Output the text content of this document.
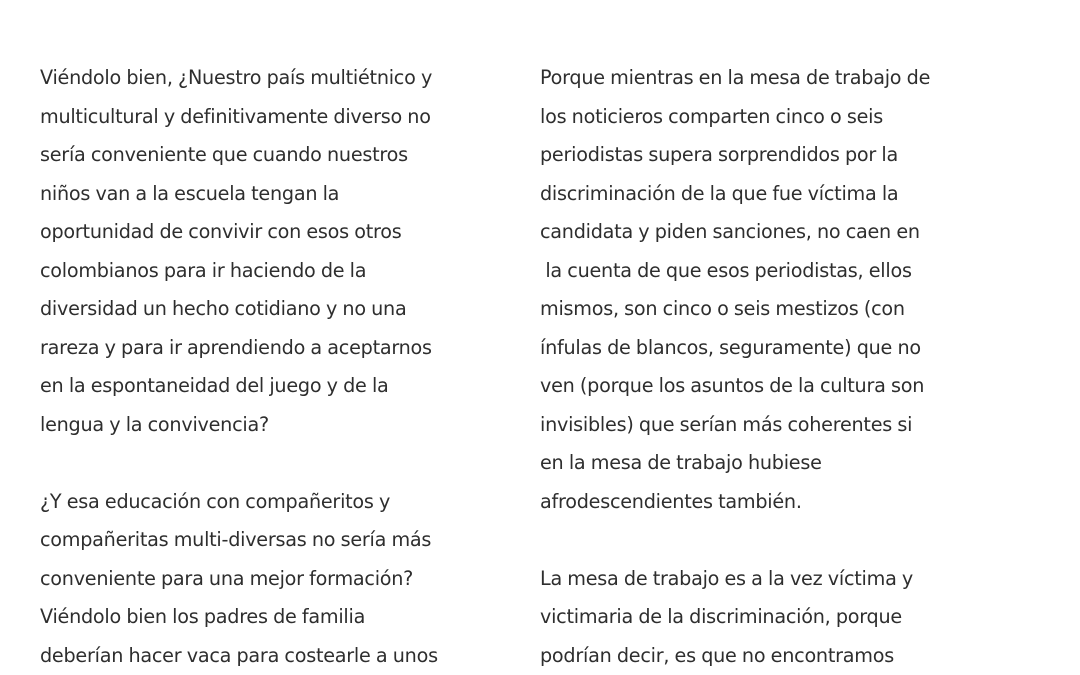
Viéndolo bien, ¿Nuestro país multiétnico y
multicultural y definitivamente diverso no
sería conveniente que cuando nuestros
niños van a la escuela tengan la
oportunidad de convivir con esos otros
colombianos para ir haciendo de la
diversidad un hecho cotidiano y no una
rareza y para ir aprendiendo a aceptarnos
en la espontaneidad del juego y de la
lengua y la convivencia?
¿Y esa educación con compañeritos y
compañeritas multi-diversas no sería más
conveniente para una mejor formación?
Viéndolo bien los padres de familia
deberían hacer vaca para costearle a unos
Porque mientras en la mesa de trabajo de
los noticieros comparten cinco o seis
periodistas supera sorprendidos por la
discriminación de la que fue víctima la
candidata y piden sanciones, no caen en
la cuenta de que esos periodistas, ellos
mismos, son cinco o seis mestizos (con
ínfulas de blancos, seguramente) que no
ven (porque los asuntos de la cultura son
invisibles) que serían más coherentes si
en la mesa de trabajo hubiese
afrodescendientes también.
La mesa de trabajo es a la vez víctima y
victimaria de la discriminación, porque
podrían decir, es que no encontramos
